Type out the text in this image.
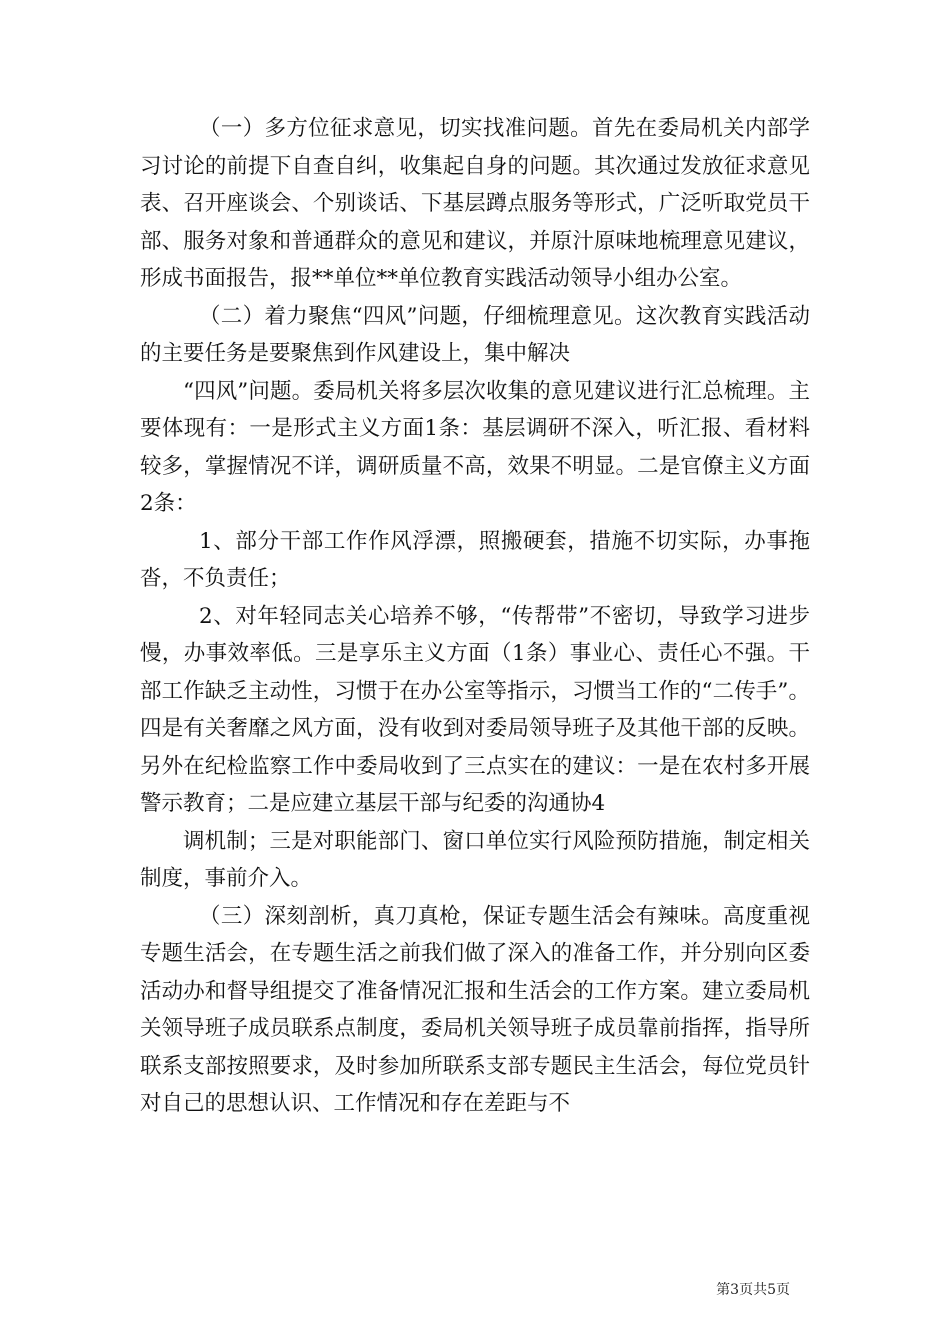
（一）多方位征求意见，切实找准问题。首先在委局机关内部学习讨论的前提下自查自纠，收集起自身的问题。其次通过发放征求意见表、召开座谈会、个别谈话、下基层蹲点服务等形式，广泛听取党员干部、服务对象和普通群众的意见和建议，并原汁原味地梳理意见建议，形成书面报告，报**单位**单位教育实践活动领导小组办公室。

（二）着力聚焦“四风”问题，仔细梳理意见。这次教育实践活动的主要任务是要聚焦到作风建设上，集中解决

“四风”问题。委局机关将多层次收集的意见建议进行汇总梳理。主要体现有：一是形式主义方面1条：基层调研不深入，听汇报、看材料较多，掌握情况不详，调研质量不高，效果不明显。二是官僚主义方面2条：

1、部分干部工作作风浮漂，照搬硬套，措施不切实际，办事拖沓，不负责任；

2、对年轻同志关心培养不够，“传帮带”不密切，导致学习进步慢，办事效率低。三是享乐主义方面（1条）事业心、责任心不强。干部工作缺乏主动性，习惯于在办公室等指示，习惯当工作的“二传手”。四是有关奢靡之风方面，没有收到对委局领导班子及其他干部的反映。另外在纪检监察工作中委局收到了三点实在的建议：一是在农村多开展警示教育；二是应建立基层干部与纪委的沟通协4

调机制；三是对职能部门、窗口单位实行风险预防措施，制定相关制度，事前介入。

（三）深刻剖析，真刀真枪，保证专题生活会有辣味。高度重视专题生活会，在专题生活之前我们做了深入的准备工作，并分别向区委活动办和督导组提交了准备情况汇报和生活会的工作方案。建立委局机关领导班子成员联系点制度，委局机关领导班子成员靠前指挥，指导所联系支部按照要求，及时参加所联系支部专题民主生活会，每位党员针对自己的思想认识、工作情况和存在差距与不

第3页共5页
